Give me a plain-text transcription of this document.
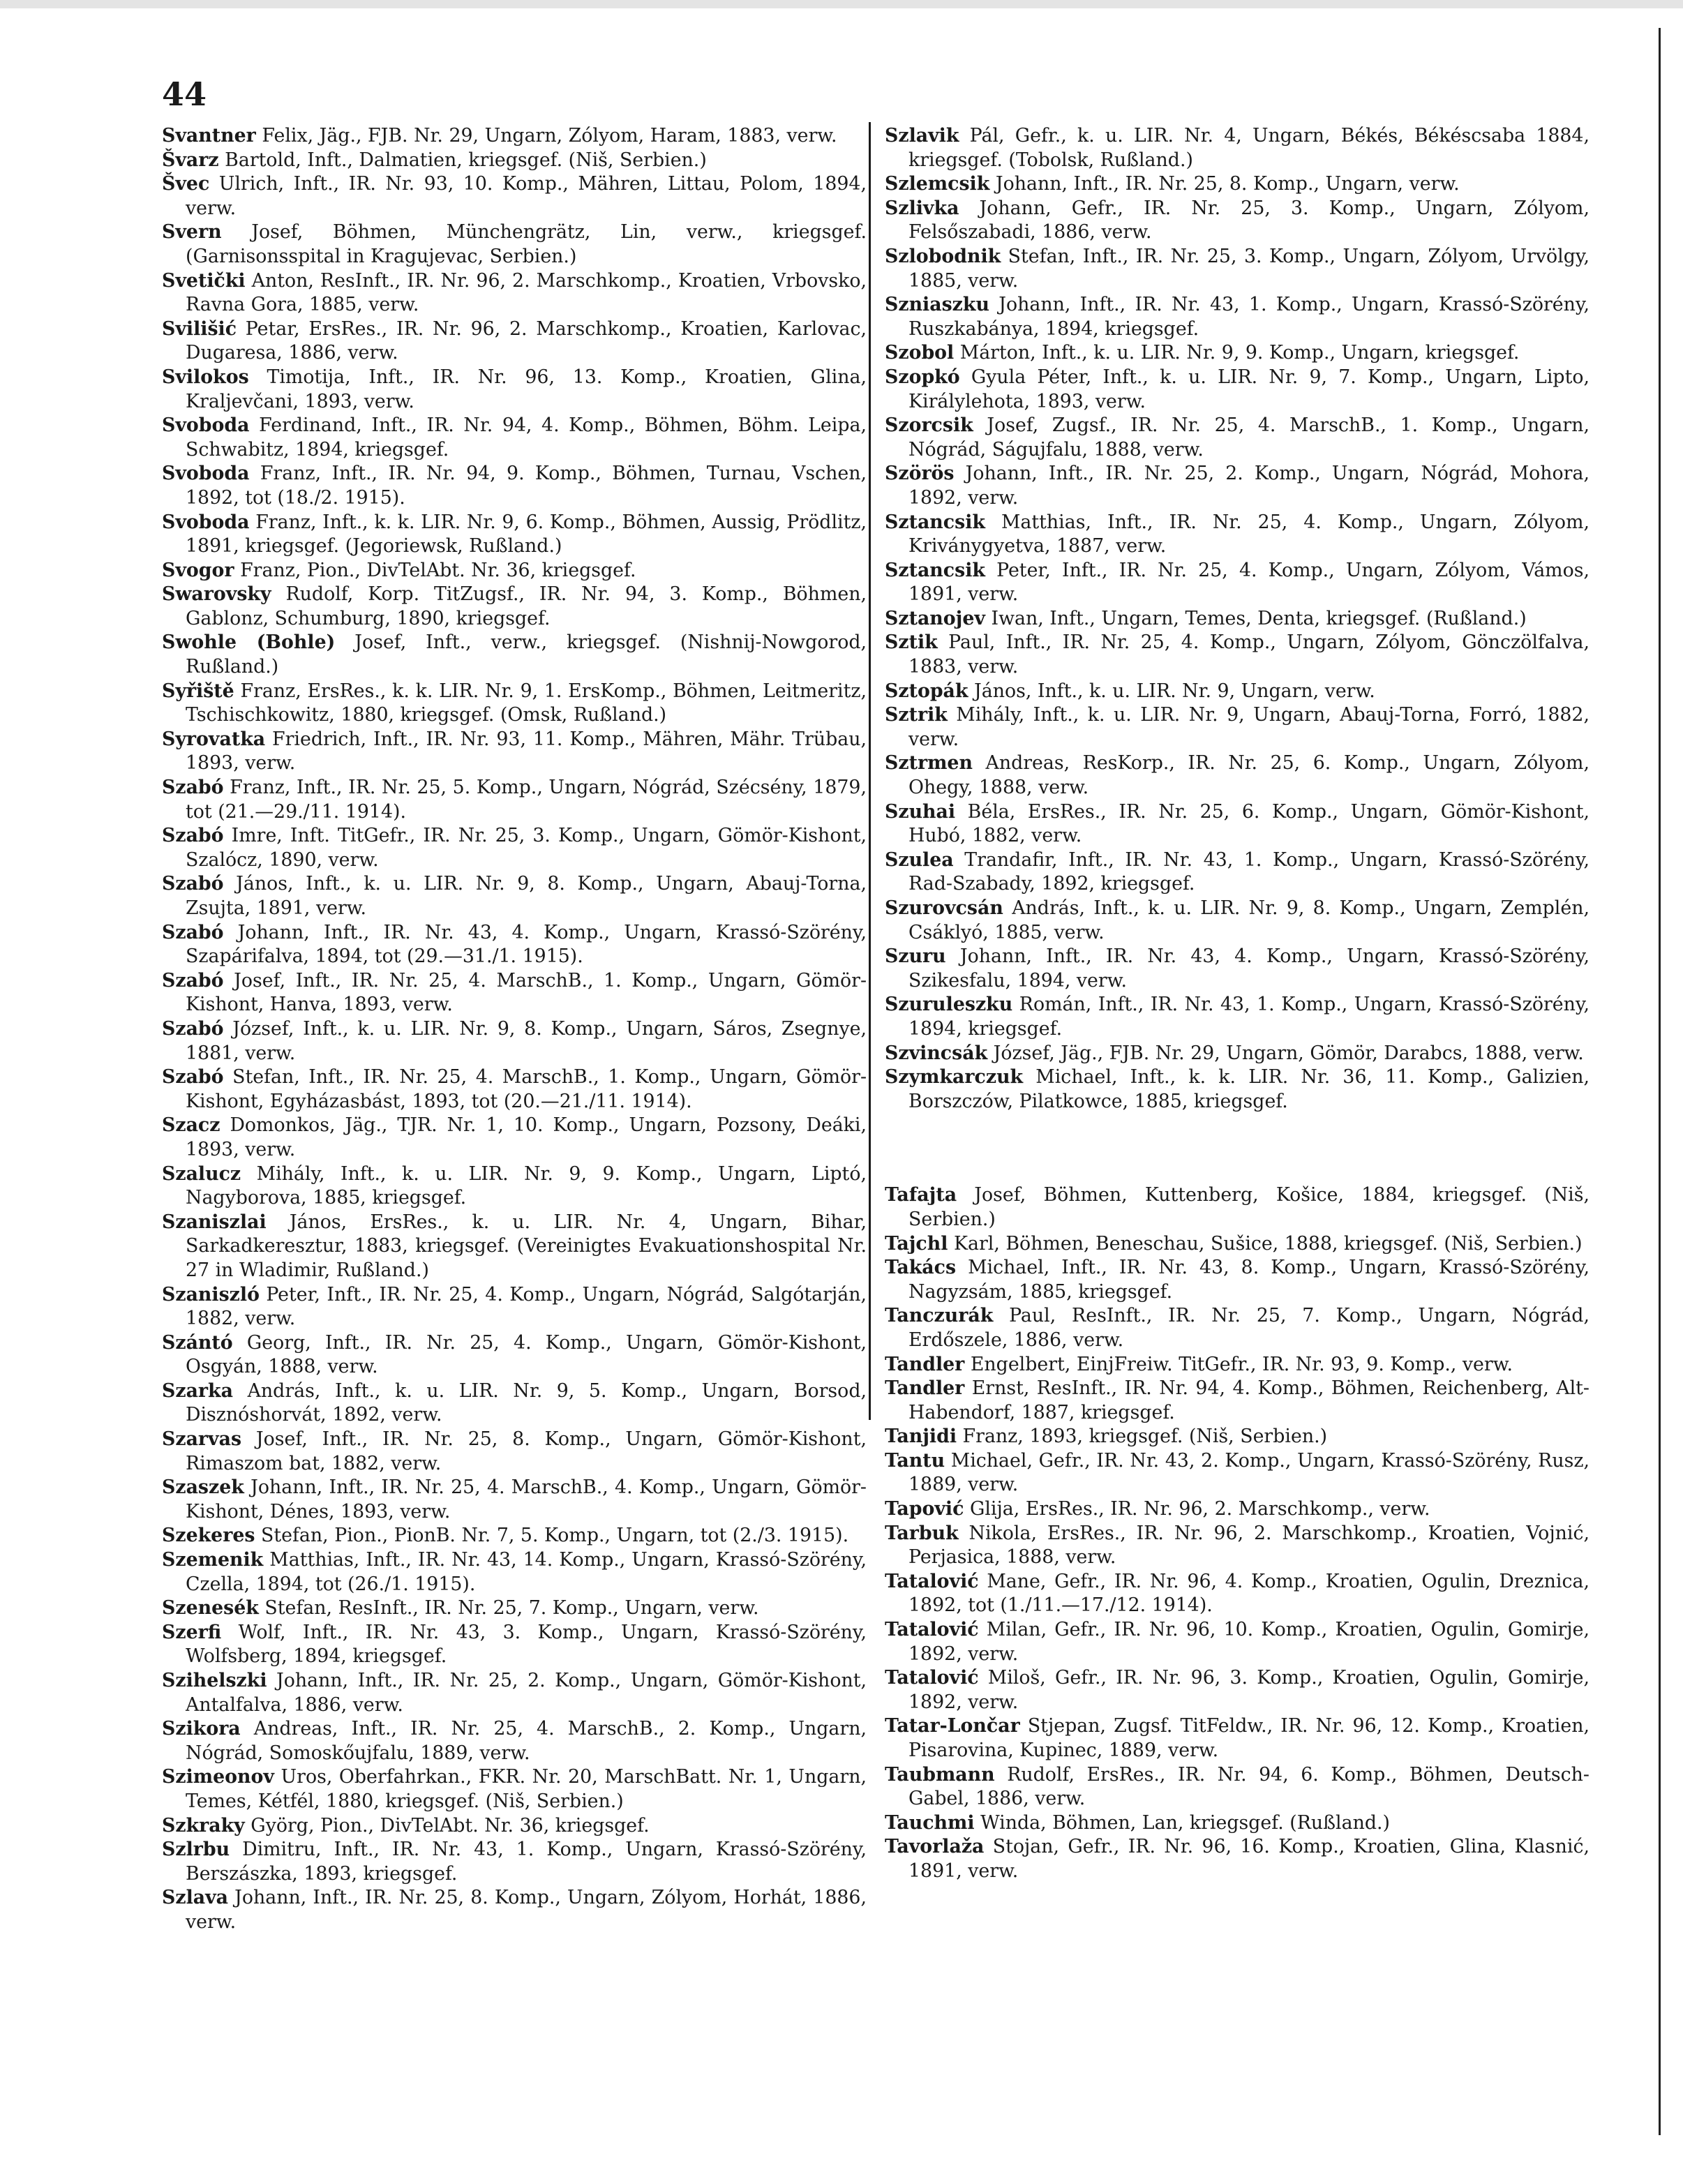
44
Svantner Felix, Jäg., FJB. Nr. 29, Ungarn, Zólyom, Haram, 1883, verw.
Švarz Bartold, Inft., Dalmatien, kriegsgef. (Niš, Serbien.)
Švec Ulrich, Inft., IR. Nr. 93, 10. Komp., Mähren, Littau, Polom, 1894, verw.
Svern Josef, Böhmen, Münchengrätz, Lin, verw., kriegsgef. (Garnisonsspital in Kragujevac, Serbien.)
Svetički Anton, ResInft., IR. Nr. 96, 2. Marschkomp., Kroatien, Vrbovsko, Ravna Gora, 1885, verw.
Svilišić Petar, ErsRes., IR. Nr. 96, 2. Marschkomp., Kroatien, Karlovac, Dugaresa, 1886, verw.
Svilokos Timotija, Inft., IR. Nr. 96, 13. Komp., Kroatien, Glina, Kraljevčani, 1893, verw.
Svoboda Ferdinand, Inft., IR. Nr. 94, 4. Komp., Böhmen, Böhm. Leipa, Schwabitz, 1894, kriegsgef.
Svoboda Franz, Inft., IR. Nr. 94, 9. Komp., Böhmen, Turnau, Vschen, 1892, tot (18./2. 1915).
Svoboda Franz, Inft., k. k. LIR. Nr. 9, 6. Komp., Böhmen, Aussig, Prödlitz, 1891, kriegsgef. (Jegoriewsk, Rußland.)
Svogor Franz, Pion., DivTelAbt. Nr. 36, kriegsgef.
Swarovsky Rudolf, Korp. TitZugsf., IR. Nr. 94, 3. Komp., Böhmen, Gablonz, Schumburg, 1890, kriegsgef.
Swohle (Bohle) Josef, Inft., verw., kriegsgef. (Nishnij-Nowgorod, Rußland.)
Syřiště Franz, ErsRes., k. k. LIR. Nr. 9, 1. ErsKomp., Böhmen, Leitmeritz, Tschischkowitz, 1880, kriegsgef. (Omsk, Rußland.)
Syrovatka Friedrich, Inft., IR. Nr. 93, 11. Komp., Mähren, Mähr. Trübau, 1893, verw.
Szabó Franz, Inft., IR. Nr. 25, 5. Komp., Ungarn, Nógrád, Szécsény, 1879, tot (21.—29./11. 1914).
Szabó Imre, Inft. TitGefr., IR. Nr. 25, 3. Komp., Ungarn, Gömör-Kishont, Szalócz, 1890, verw.
Szabó János, Inft., k. u. LIR. Nr. 9, 8. Komp., Ungarn, Abauj-Torna, Zsujta, 1891, verw.
Szabó Johann, Inft., IR. Nr. 43, 4. Komp., Ungarn, Krassó-Szörény, Szapárifalva, 1894, tot (29.—31./1. 1915).
Szabó Josef, Inft., IR. Nr. 25, 4. MarschB., 1. Komp., Ungarn, Gömör-Kishont, Hanva, 1893, verw.
Szabó József, Inft., k. u. LIR. Nr. 9, 8. Komp., Ungarn, Sáros, Zsegnye, 1881, verw.
Szabó Stefan, Inft., IR. Nr. 25, 4. MarschB., 1. Komp., Ungarn, Gömör-Kishont, Egyházasbást, 1893, tot (20.—21./11. 1914).
Szacz Domonkos, Jäg., TJR. Nr. 1, 10. Komp., Ungarn, Pozsony, Deáki, 1893, verw.
Szalucz Mihály, Inft., k. u. LIR. Nr. 9, 9. Komp., Ungarn, Liptó, Nagyborova, 1885, kriegsgef.
Szaniszlai János, ErsRes., k. u. LIR. Nr. 4, Ungarn, Bihar, Sarkadkeresztur, 1883, kriegsgef. (Vereinigtes Evakuationshospital Nr. 27 in Wladimir, Rußland.)
Szaniszló Peter, Inft., IR. Nr. 25, 4. Komp., Ungarn, Nógrád, Salgótarján, 1882, verw.
Szántó Georg, Inft., IR. Nr. 25, 4. Komp., Ungarn, Gömör-Kishont, Osgyán, 1888, verw.
Szarka András, Inft., k. u. LIR. Nr. 9, 5. Komp., Ungarn, Borsod, Disznóshorvát, 1892, verw.
Szarvas Josef, Inft., IR. Nr. 25, 8. Komp., Ungarn, Gömör-Kishont, Rimaszom bat, 1882, verw.
Szaszek Johann, Inft., IR. Nr. 25, 4. MarschB., 4. Komp., Ungarn, Gömör-Kishont, Dénes, 1893, verw.
Szekeres Stefan, Pion., PionB. Nr. 7, 5. Komp., Ungarn, tot (2./3. 1915).
Szemenik Matthias, Inft., IR. Nr. 43, 14. Komp., Ungarn, Krassó-Szörény, Czella, 1894, tot (26./1. 1915).
Szenesék Stefan, ResInft., IR. Nr. 25, 7. Komp., Ungarn, verw.
Szerfi Wolf, Inft., IR. Nr. 43, 3. Komp., Ungarn, Krassó-Szörény, Wolfsberg, 1894, kriegsgef.
Szihelszki Johann, Inft., IR. Nr. 25, 2. Komp., Ungarn, Gömör-Kishont, Antalfalva, 1886, verw.
Szikora Andreas, Inft., IR. Nr. 25, 4. MarschB., 2. Komp., Ungarn, Nógrád, Somoskőujfalu, 1889, verw.
Szimeonov Uros, Oberfahrkan., FKR. Nr. 20, MarschBatt. Nr. 1, Ungarn, Temes, Kétfél, 1880, kriegsgef. (Niš, Serbien.)
Szkraky Györg, Pion., DivTelAbt. Nr. 36, kriegsgef.
Szlrbu Dimitru, Inft., IR. Nr. 43, 1. Komp., Ungarn, Krassó-Szörény, Berszászka, 1893, kriegsgef.
Szlava Johann, Inft., IR. Nr. 25, 8. Komp., Ungarn, Zólyom, Horhát, 1886, verw.
Szlavik Pál, Gefr., k. u. LIR. Nr. 4, Ungarn, Békés, Békéscsaba 1884, kriegsgef. (Tobolsk, Rußland.)
Szlemcsik Johann, Inft., IR. Nr. 25, 8. Komp., Ungarn, verw.
Szlivka Johann, Gefr., IR. Nr. 25, 3. Komp., Ungarn, Zólyom, Felsőszabadi, 1886, verw.
Szlobodnik Stefan, Inft., IR. Nr. 25, 3. Komp., Ungarn, Zólyom, Urvölgy, 1885, verw.
Szniaszku Johann, Inft., IR. Nr. 43, 1. Komp., Ungarn, Krassó-Szörény, Ruszkabánya, 1894, kriegsgef.
Szobol Márton, Inft., k. u. LIR. Nr. 9, 9. Komp., Ungarn, kriegsgef.
Szopkó Gyula Péter, Inft., k. u. LIR. Nr. 9, 7. Komp., Ungarn, Lipto, Királylehota, 1893, verw.
Szorcsik Josef, Zugsf., IR. Nr. 25, 4. MarschB., 1. Komp., Ungarn, Nógrád, Ságujfalu, 1888, verw.
Szörös Johann, Inft., IR. Nr. 25, 2. Komp., Ungarn, Nógrád, Mohora, 1892, verw.
Sztancsik Matthias, Inft., IR. Nr. 25, 4. Komp., Ungarn, Zólyom, Kriványgyetva, 1887, verw.
Sztancsik Peter, Inft., IR. Nr. 25, 4. Komp., Ungarn, Zólyom, Vámos, 1891, verw.
Sztanojev Iwan, Inft., Ungarn, Temes, Denta, kriegsgef. (Rußland.)
Sztik Paul, Inft., IR. Nr. 25, 4. Komp., Ungarn, Zólyom, Gönczölfalva, 1883, verw.
Sztopák János, Inft., k. u. LIR. Nr. 9, Ungarn, verw.
Sztrik Mihály, Inft., k. u. LIR. Nr. 9, Ungarn, Abauj-Torna, Forró, 1882, verw.
Sztrmen Andreas, ResKorp., IR. Nr. 25, 6. Komp., Ungarn, Zólyom, Ohegy, 1888, verw.
Szuhai Béla, ErsRes., IR. Nr. 25, 6. Komp., Ungarn, Gömör-Kishont, Hubó, 1882, verw.
Szulea Trandafir, Inft., IR. Nr. 43, 1. Komp., Ungarn, Krassó-Szörény, Rad-Szabady, 1892, kriegsgef.
Szurovcsán András, Inft., k. u. LIR. Nr. 9, 8. Komp., Ungarn, Zemplén, Csáklyó, 1885, verw.
Szuru Johann, Inft., IR. Nr. 43, 4. Komp., Ungarn, Krassó-Szörény, Szikesfalu, 1894, verw.
Szuruleszku Román, Inft., IR. Nr. 43, 1. Komp., Ungarn, Krassó-Szörény, 1894, kriegsgef.
Szvincsák József, Jäg., FJB. Nr. 29, Ungarn, Gömör, Darabcs, 1888, verw.
Szymkarczuk Michael, Inft., k. k. LIR. Nr. 36, 11. Komp., Galizien, Borszczów, Pilatkowce, 1885, kriegsgef.
Tafajta Josef, Böhmen, Kuttenberg, Košice, 1884, kriegsgef. (Niš, Serbien.)
Tajchl Karl, Böhmen, Beneschau, Sušice, 1888, kriegsgef. (Niš, Serbien.)
Takács Michael, Inft., IR. Nr. 43, 8. Komp., Ungarn, Krassó-Szörény, Nagyzsám, 1885, kriegsgef.
Tanczurák Paul, ResInft., IR. Nr. 25, 7. Komp., Ungarn, Nógrád, Erdőszele, 1886, verw.
Tandler Engelbert, EinjFreiw. TitGefr., IR. Nr. 93, 9. Komp., verw.
Tandler Ernst, ResInft., IR. Nr. 94, 4. Komp., Böhmen, Reichenberg, Alt-Habendorf, 1887, kriegsgef.
Tanjidi Franz, 1893, kriegsgef. (Niš, Serbien.)
Tantu Michael, Gefr., IR. Nr. 43, 2. Komp., Ungarn, Krassó-Szörény, Rusz, 1889, verw.
Tapović Glija, ErsRes., IR. Nr. 96, 2. Marschkomp., verw.
Tarbuk Nikola, ErsRes., IR. Nr. 96, 2. Marschkomp., Kroatien, Vojnić, Perjasica, 1888, verw.
Tatalović Mane, Gefr., IR. Nr. 96, 4. Komp., Kroatien, Ogulin, Dreznica, 1892, tot (1./11.—17./12. 1914).
Tatalović Milan, Gefr., IR. Nr. 96, 10. Komp., Kroatien, Ogulin, Gomirje, 1892, verw.
Tatalović Miloš, Gefr., IR. Nr. 96, 3. Komp., Kroatien, Ogulin, Gomirje, 1892, verw.
Tatar-Lončar Stjepan, Zugsf. TitFeldw., IR. Nr. 96, 12. Komp., Kroatien, Pisarovina, Kupinec, 1889, verw.
Taubmann Rudolf, ErsRes., IR. Nr. 94, 6. Komp., Böhmen, Deutsch-Gabel, 1886, verw.
Tauchmi Winda, Böhmen, Lan, kriegsgef. (Rußland.)
Tavorlaža Stojan, Gefr., IR. Nr. 96, 16. Komp., Kroatien, Glina, Klasnić, 1891, verw.
